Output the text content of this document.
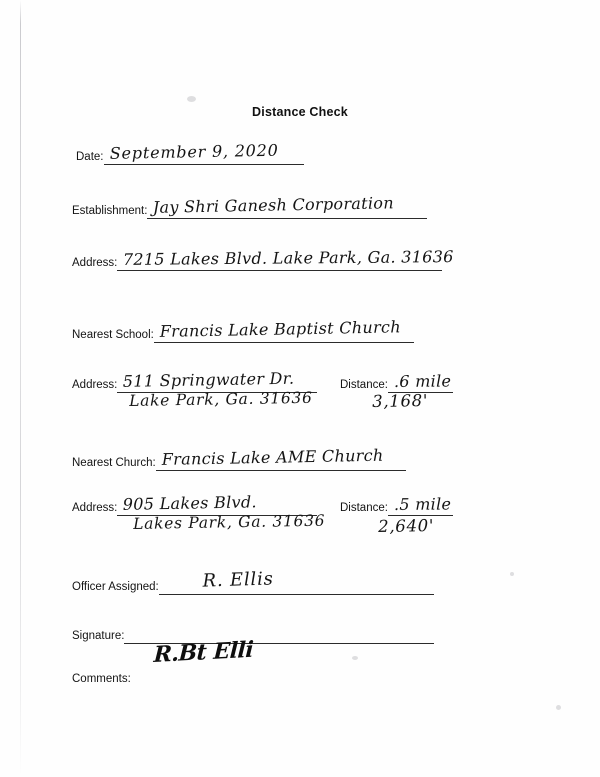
Distance Check
Date: September 9, 2020
Establishment: Jay Shri Ganesh Corporation
Address: 7215 Lakes Blvd. Lake Park, Ga. 31636
Nearest School: Francis Lake Baptist Church
Address: 511 Springwater Dr.
Lake Park, Ga. 31636
Distance: .6 mile
3,168'
Nearest Church: Francis Lake AME Church
Address: 905 Lakes Blvd.
Lakes Park, Ga. 31636
Distance: .5 mile
2,640'
Officer Assigned:	R. Ellis
Signature:
R.Bt Elli
Comments:
